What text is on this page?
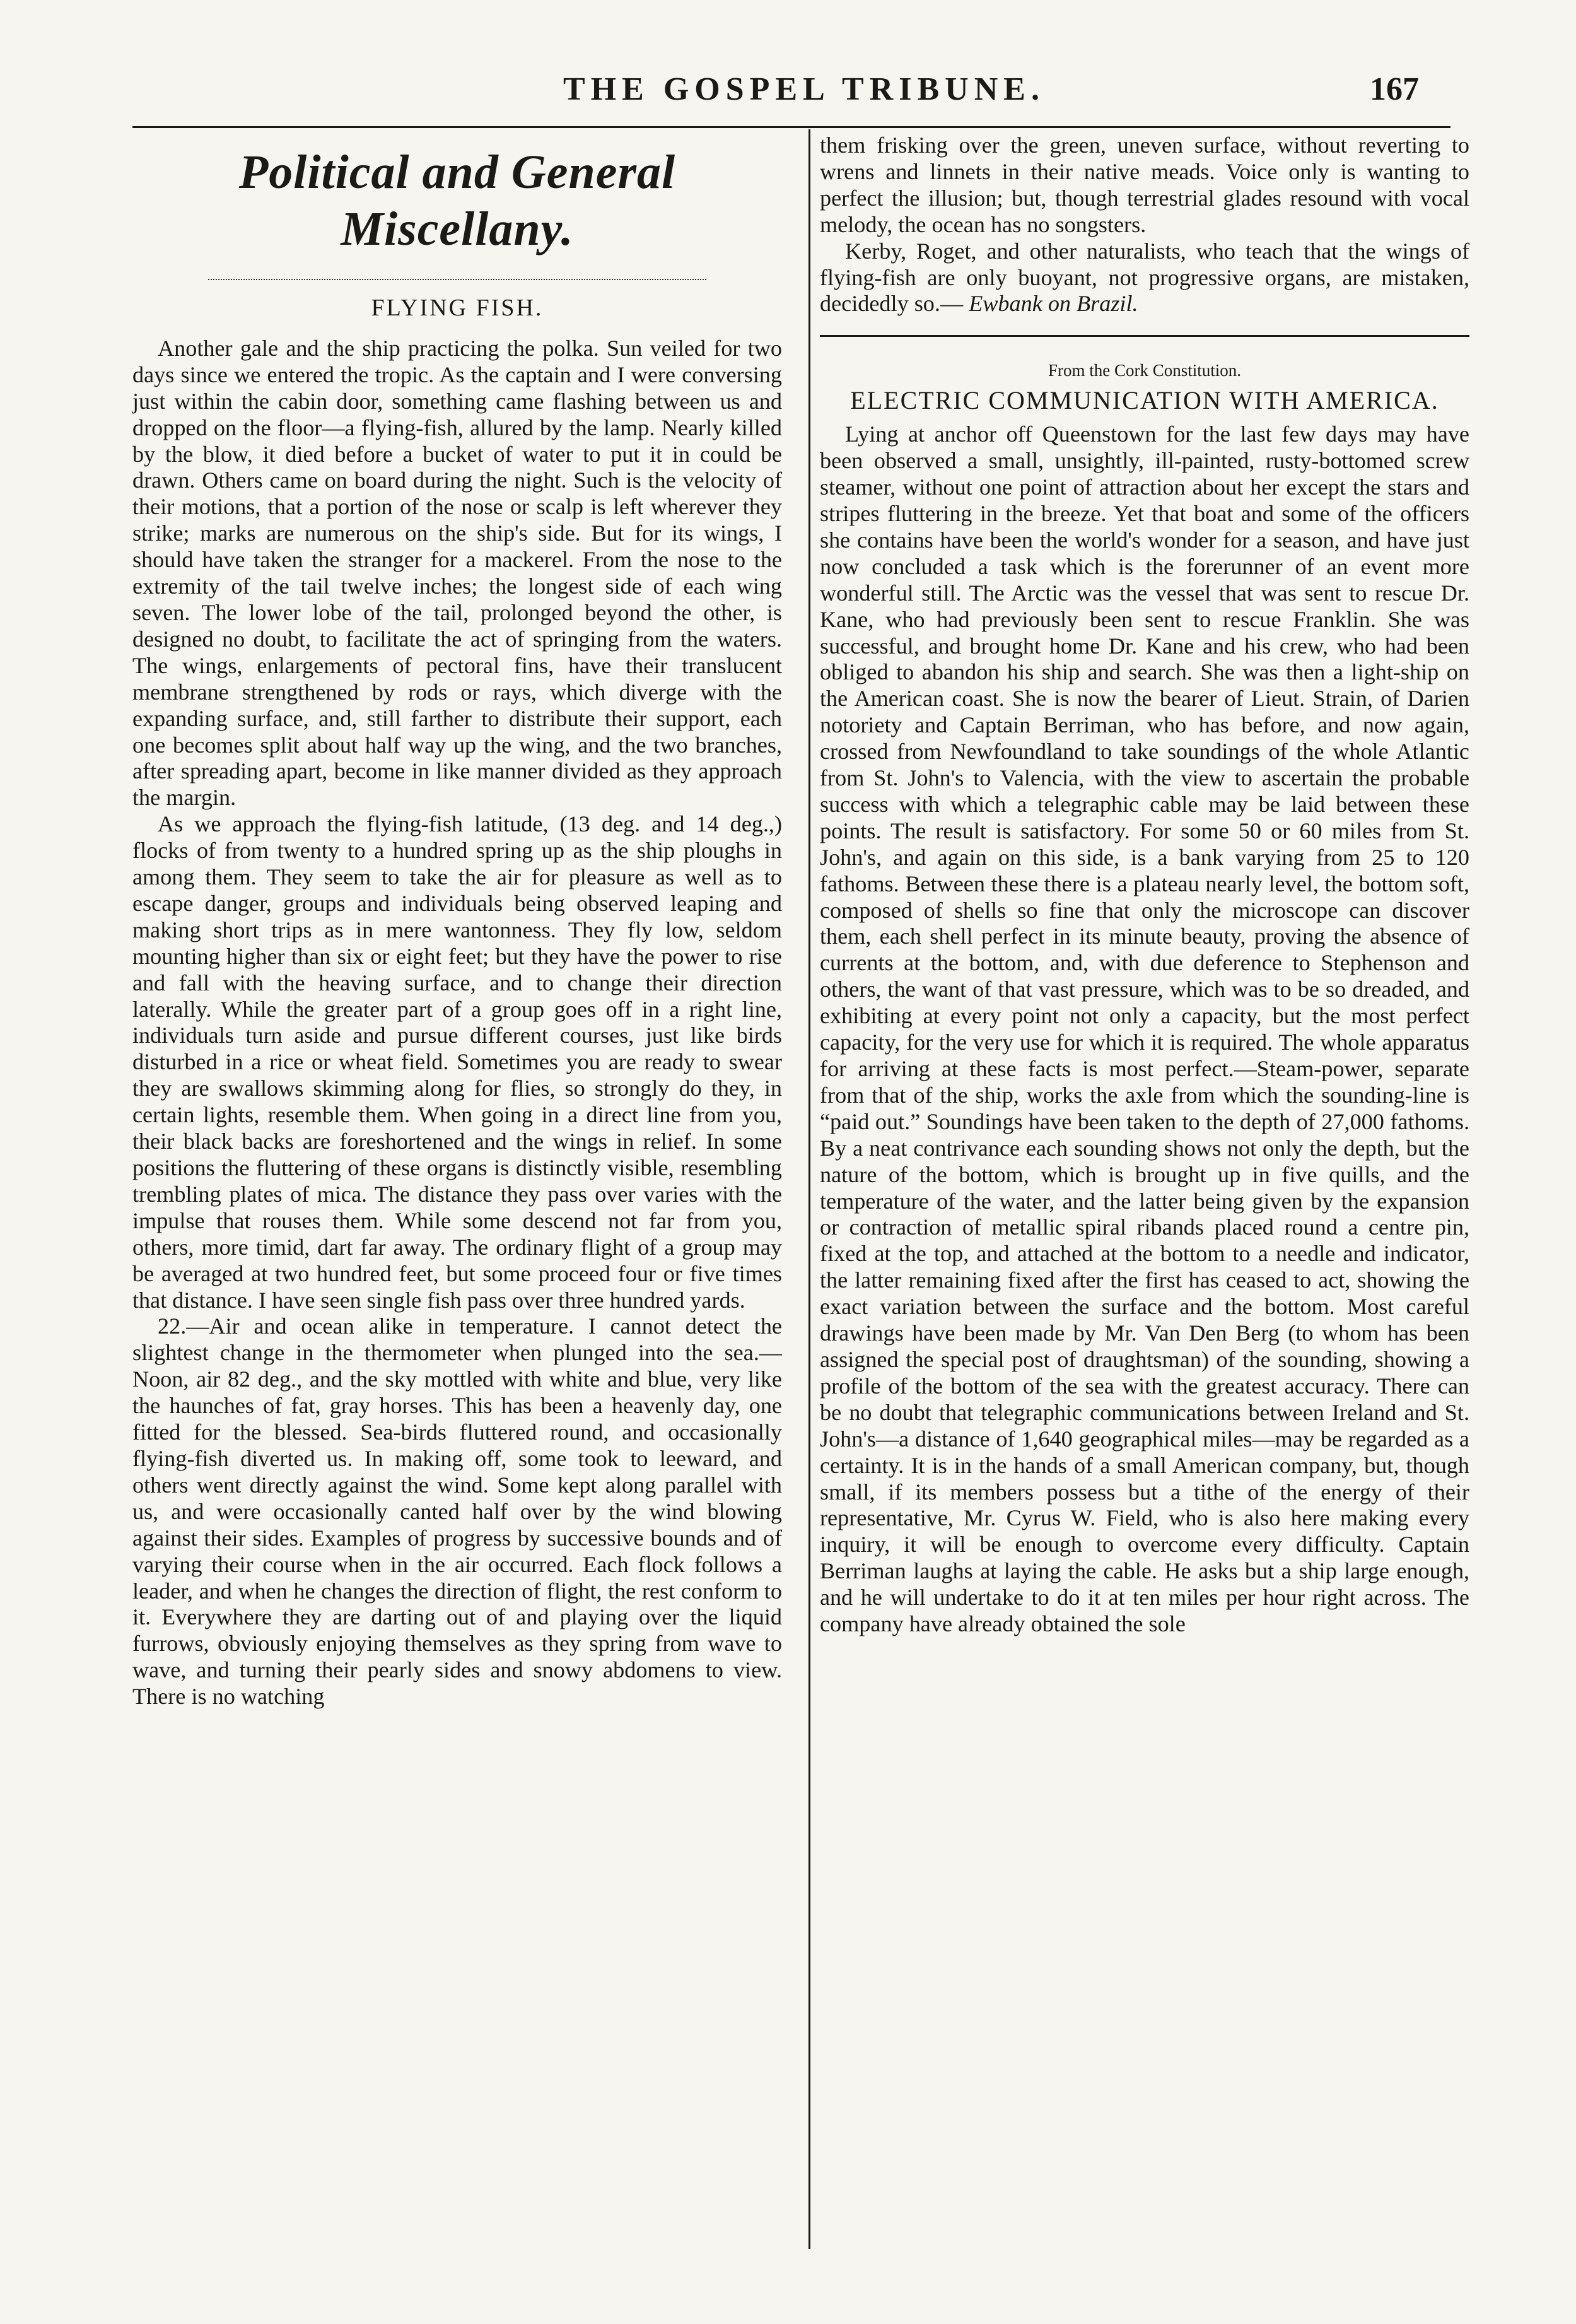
THE GOSPEL TRIBUNE.	167
Political and General Miscellany.
FLYING FISH.

Another gale and the ship practicing the polka. Sun veiled for two days since we entered the tropic. As the captain and I were conversing just within the cabin door, something came flashing between us and dropped on the floor—a flying-fish, allured by the lamp. Nearly killed by the blow, it died before a bucket of water to put it in could be drawn. Others came on board during the night. Such is the velocity of their motions, that a portion of the nose or scalp is left wherever they strike; marks are numerous on the ship's side. But for its wings, I should have taken the stranger for a mackerel. From the nose to the extremity of the tail twelve inches; the longest side of each wing seven. The lower lobe of the tail, prolonged beyond the other, is designed no doubt, to facilitate the act of springing from the waters. The wings, enlargements of pectoral fins, have their translucent membrane strengthened by rods or rays, which diverge with the expanding surface, and, still farther to distribute their support, each one becomes split about half way up the wing, and the two branches, after spreading apart, become in like manner divided as they approach the margin.

As we approach the flying-fish latitude, (13 deg. and 14 deg.,) flocks of from twenty to a hundred spring up as the ship ploughs in among them. They seem to take the air for pleasure as well as to escape danger, groups and individuals being observed leaping and making short trips as in mere wantonness. They fly low, seldom mounting higher than six or eight feet; but they have the power to rise and fall with the heaving surface, and to change their direction laterally. While the greater part of a group goes off in a right line, individuals turn aside and pursue different courses, just like birds disturbed in a rice or wheat field. Sometimes you are ready to swear they are swallows skimming along for flies, so strongly do they, in certain lights, resemble them. When going in a direct line from you, their black backs are foreshortened and the wings in relief. In some positions the fluttering of these organs is distinctly visible, resembling trembling plates of mica. The distance they pass over varies with the impulse that rouses them. While some descend not far from you, others, more timid, dart far away. The ordinary flight of a group may be averaged at two hundred feet, but some proceed four or five times that distance. I have seen single fish pass over three hundred yards.

22.—Air and ocean alike in temperature. I cannot detect the slightest change in the thermometer when plunged into the sea.—Noon, air 82 deg., and the sky mottled with white and blue, very like the haunches of fat, gray horses. This has been a heavenly day, one fitted for the blessed. Sea-birds fluttered round, and occasionally flying-fish diverted us. In making off, some took to leeward, and others went directly against the wind. Some kept along parallel with us, and were occasionally canted half over by the wind blowing against their sides. Examples of progress by successive bounds and of varying their course when in the air occurred. Each flock follows a leader, and when he changes the direction of flight, the rest conform to it. Everywhere they are darting out of and playing over the liquid furrows, obviously enjoying themselves as they spring from wave to wave, and turning their pearly sides and snowy abdomens to view. There is no watching

them frisking over the green, uneven surface, without reverting to wrens and linnets in their native meads. Voice only is wanting to perfect the illusion; but, though terrestrial glades resound with vocal melody, the ocean has no songsters.

Kerby, Roget, and other naturalists, who teach that the wings of flying-fish are only buoyant, not progressive organs, are mistaken, decidedly so.— Ewbank on Brazil.

From the Cork Constitution.
ELECTRIC COMMUNICATION WITH AMERICA.

Lying at anchor off Queenstown for the last few days may have been observed a small, unsightly, ill-painted, rusty-bottomed screw steamer, without one point of attraction about her except the stars and stripes fluttering in the breeze. Yet that boat and some of the officers she contains have been the world's wonder for a season, and have just now concluded a task which is the forerunner of an event more wonderful still. The Arctic was the vessel that was sent to rescue Dr. Kane, who had previously been sent to rescue Franklin. She was successful, and brought home Dr. Kane and his crew, who had been obliged to abandon his ship and search. She was then a light-ship on the American coast. She is now the bearer of Lieut. Strain, of Darien notoriety and Captain Berriman, who has before, and now again, crossed from Newfoundland to take soundings of the whole Atlantic from St. John's to Valencia, with the view to ascertain the probable success with which a telegraphic cable may be laid between these points. The result is satisfactory. For some 50 or 60 miles from St. John's, and again on this side, is a bank varying from 25 to 120 fathoms. Between these there is a plateau nearly level, the bottom soft, composed of shells so fine that only the microscope can discover them, each shell perfect in its minute beauty, proving the absence of currents at the bottom, and, with due deference to Stephenson and others, the want of that vast pressure, which was to be so dreaded, and exhibiting at every point not only a capacity, but the most perfect capacity, for the very use for which it is required. The whole apparatus for arriving at these facts is most perfect.—Steam-power, separate from that of the ship, works the axle from which the sounding-line is “paid out.” Soundings have been taken to the depth of 27,000 fathoms. By a neat contrivance each sounding shows not only the depth, but the nature of the bottom, which is brought up in five quills, and the temperature of the water, and the latter being given by the expansion or contraction of metallic spiral ribands placed round a centre pin, fixed at the top, and attached at the bottom to a needle and indicator, the latter remaining fixed after the first has ceased to act, showing the exact variation between the surface and the bottom. Most careful drawings have been made by Mr. Van Den Berg (to whom has been assigned the special post of draughtsman) of the sounding, showing a profile of the bottom of the sea with the greatest accuracy. There can be no doubt that telegraphic communications between Ireland and St. John's—a distance of 1,640 geographical miles—may be regarded as a certainty. It is in the hands of a small American company, but, though small, if its members possess but a tithe of the energy of their representative, Mr. Cyrus W. Field, who is also here making every inquiry, it will be enough to overcome every difficulty. Captain Berriman laughs at laying the cable. He asks but a ship large enough, and he will undertake to do it at ten miles per hour right across. The company have already obtained the sole
